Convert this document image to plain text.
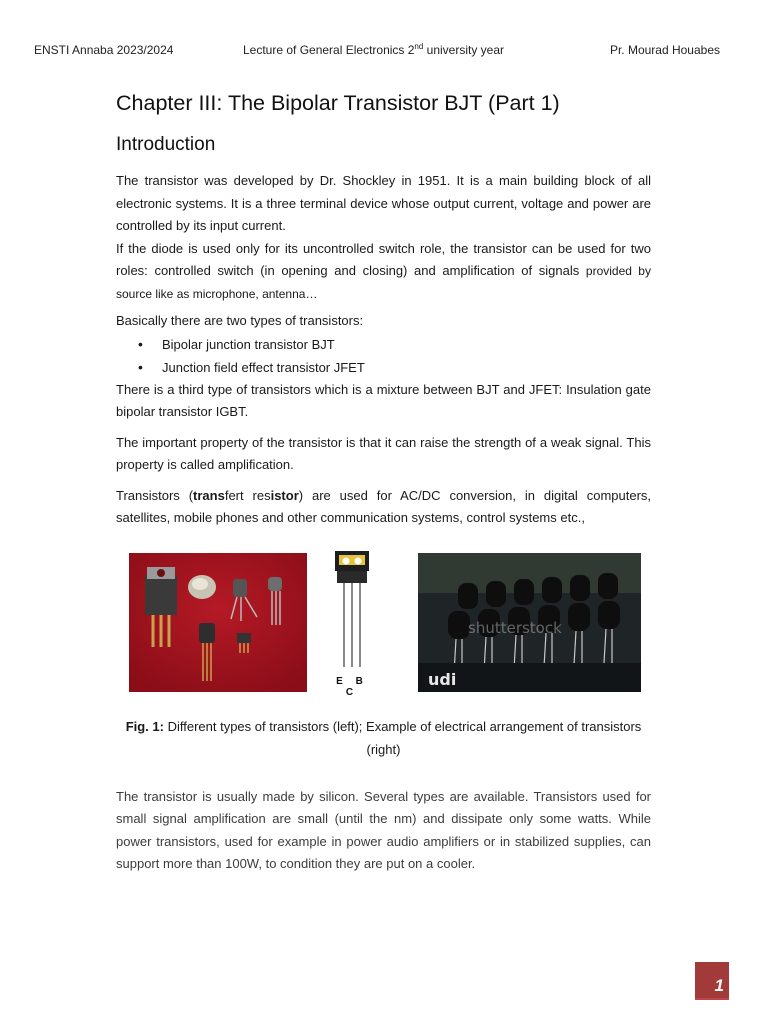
ENSTI Annaba 2023/2024	Lecture of General Electronics 2nd university year	Pr. Mourad Houabes
Chapter III: The Bipolar Transistor BJT (Part 1)
Introduction

The transistor was developed by Dr. Shockley in 1951. It is a main building block of all electronic systems. It is a three terminal device whose output current, voltage and power are controlled by its input current.

If the diode is used only for its uncontrolled switch role, the transistor can be used for two roles: controlled switch (in opening and closing) and amplification of signals provided by source like as microphone, antenna…

Basically there are two types of transistors:

• Bipolar junction transistor BJT
• Junction field effect transistor JFET

There is a third type of transistors which is a mixture between BJT and JFET: Insulation gate bipolar transistor IGBT.

The important property of the transistor is that it can raise the strength of a weak signal. This property is called amplification.

Transistors (transfert resistor) are used for AC/DC conversion, in digital computers, satellites, mobile phones and other communication systems, control systems etc.,

E B C
udi
shutterstock

Fig. 1: Different types of transistors (left); Example of electrical arrangement of transistors (right)

The transistor is usually made by silicon. Several types are available. Transistors used for small signal amplification are small (until the nm) and dissipate only some watts. While power transistors, used for example in power audio amplifiers or in stabilized supplies, can support more than 100W, to condition they are put on a cooler.

1
